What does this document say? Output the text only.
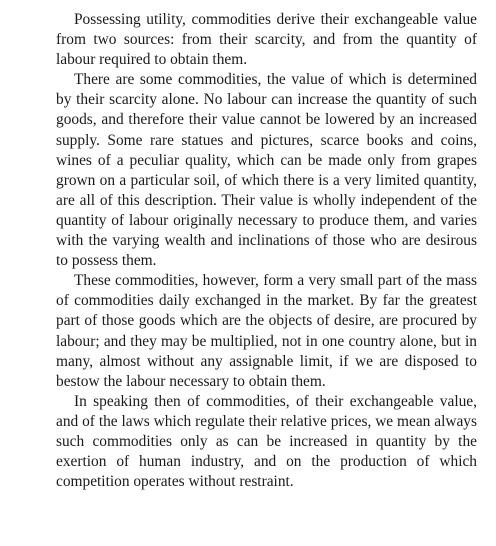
Possessing utility, commodities derive their exchangeable value from two sources: from their scarcity, and from the quantity of labour required to obtain them.

There are some commodities, the value of which is determined by their scarcity alone. No labour can increase the quantity of such goods, and therefore their value cannot be lowered by an increased supply. Some rare statues and pictures, scarce books and coins, wines of a peculiar quality, which can be made only from grapes grown on a particular soil, of which there is a very limited quantity, are all of this description. Their value is wholly independent of the quantity of labour originally necessary to produce them, and varies with the varying wealth and inclinations of those who are desirous to possess them.

These commodities, however, form a very small part of the mass of commodities daily exchanged in the market. By far the greatest part of those goods which are the objects of desire, are procured by labour; and they may be multiplied, not in one country alone, but in many, almost without any assignable limit, if we are disposed to bestow the labour necessary to obtain them.

In speaking then of commodities, of their exchangeable value, and of the laws which regulate their relative prices, we mean always such commodities only as can be increased in quantity by the exertion of human industry, and on the production of which competition operates without restraint.
